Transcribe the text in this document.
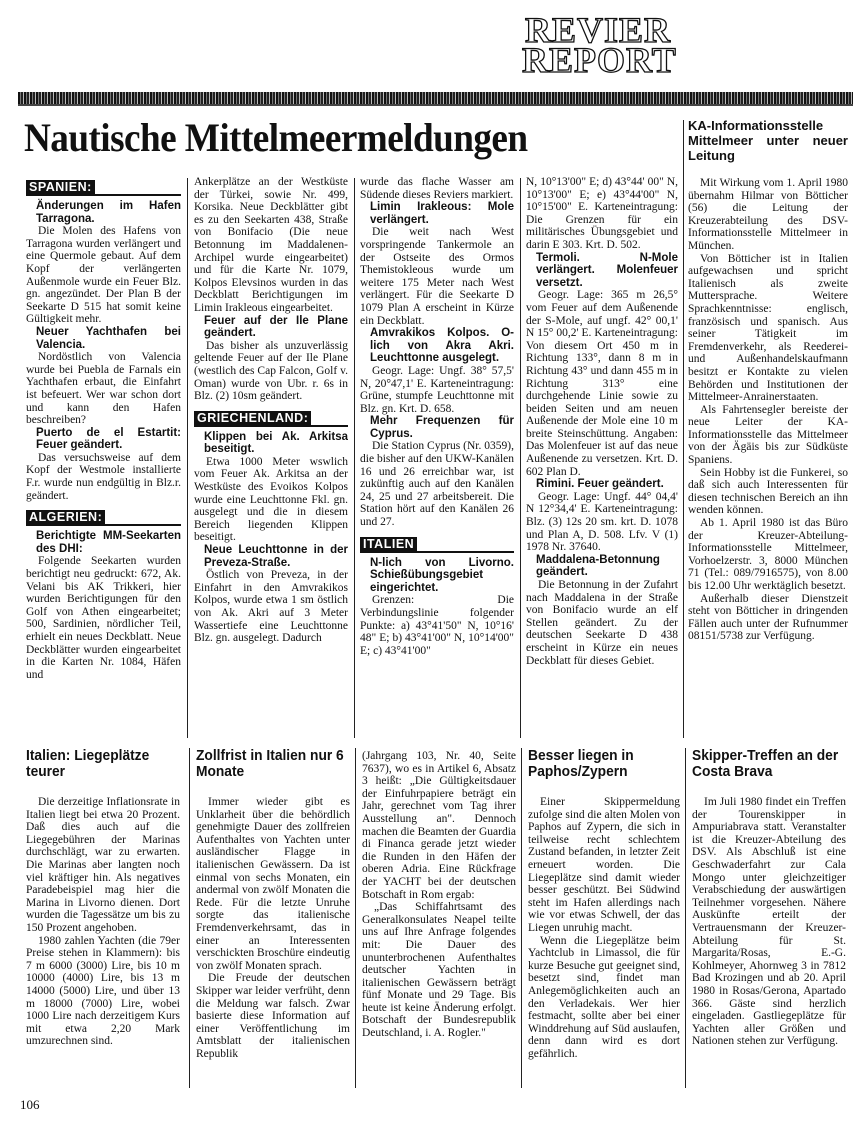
REVIER
REPORT
Nautische Mittelmeermeldungen	KA-Informationsstelle Mittelmeer unter neuer Leitung

Mit Wirkung vom 1. April 1980 übernahm Hilmar von Bötticher (56) die Leitung der Kreuzerabteilung des DSV-Informationsstelle Mittelmeer in München.

Von Bötticher ist in Italien aufgewachsen und spricht Italienisch als zweite Muttersprache. Weitere Sprachkenntnisse: englisch, französisch und spanisch. Aus seiner Tätigkeit im Fremdenverkehr, als Reederei- und Außenhandelskaufmann besitzt er Kontakte zu vielen Behörden und Institutionen der Mittelmeer-Anrainerstaaten.

Als Fahrtensegler bereiste der neue Leiter der KA-Informationsstelle das Mittelmeer von der Ägäis bis zur Südküste Spaniens.

Sein Hobby ist die Funkerei, so daß sich auch Interessenten für diesen technischen Bereich an ihn wenden können.

Ab 1. April 1980 ist das Büro der Kreuzer-Abteilung-Informationsstelle Mittelmeer, Vorhoelzerstr. 3, 8000 München 71 (Tel.: 089/7916575), von 8.00 bis 12.00 Uhr werktäglich besetzt.

Außerhalb dieser Dienstzeit steht von Bötticher in dringenden Fällen auch unter der Rufnummer 08151/5738 zur Verfügung.

SPANIEN:
Änderungen im Hafen Tarragona.

Die Molen des Hafens von Tarragona wurden verlängert und eine Quermole gebaut. Auf dem Kopf der verlängerten Außenmole wurde ein Feuer Blz. gn. angezündet. Der Plan B der Seekarte D 515 hat somit keine Gültigkeit mehr.

Neuer Yachthafen bei Valencia.

Nordöstlich von Valencia wurde bei Puebla de Farnals ein Yachthafen erbaut, die Einfahrt ist befeuert. Wer war schon dort und kann den Hafen beschreiben?

Puerto de el Estartit: Feuer geändert.

Das versuchsweise auf dem Kopf der Westmole installierte F.r. wurde nun endgültig in Blz.r. geändert.

ALGERIEN:
Berichtigte MM-Seekarten des DHI:

Folgende Seekarten wurden berichtigt neu gedruckt: 672, Ak. Velani bis AK Trikkeri, hier wurden Berichtigungen für den Golf von Athen eingearbeitet; 500, Sardinien, nördlicher Teil, erhielt ein neues Deckblatt. Neue Deckblätter wurden eingearbeitet in die Karten Nr. 1084, Häfen und

Ankerplätze an der Westküste der Türkei, sowie Nr. 499, Korsika. Neue Deckblätter gibt es zu den Seekarten 438, Straße von Bonifacio (Die neue Betonnung im Maddalenen-Archipel wurde eingearbeitet) und für die Karte Nr. 1079, Kolpos Elevsinos wurden in das Deckblatt Berichtigungen im Limin Irakleous eingearbeitet.

Feuer auf der Ile Plane geändert.

Das bisher als unzuverlässig geltende Feuer auf der Ile Plane (westlich des Cap Falcon, Golf v. Oman) wurde von Ubr. r. 6s in Blz. (2) 10sm geändert.

GRIECHENLAND:
Klippen bei Ak. Arkitsa beseitigt.

Etwa 1000 Meter wswlich vom Feuer Ak. Arkitsa an der Westküste des Evoikos Kolpos wurde eine Leuchttonne Fkl. gn. ausgelegt und die in diesem Bereich liegenden Klippen beseitigt.

Neue Leuchttonne in der Preveza-Straße.

Östlich von Preveza, in der Einfahrt in den Amvrakikos Kolpos, wurde etwa 1 sm östlich von Ak. Akri auf 3 Meter Wassertiefe eine Leuchttonne Blz. gn. ausgelegt. Dadurch

wurde das flache Wasser am Südende dieses Reviers markiert.

Limin Irakleous: Mole verlängert.

Die weit nach West vorspringende Tankermole an der Ostseite des Ormos Themistokleous wurde um weitere 175 Meter nach West verlängert. Für die Seekarte D 1079 Plan A erscheint in Kürze ein Deckblatt.

Amvrakikos Kolpos. O-lich von Akra Akri. Leuchttonne ausgelegt.

Geogr. Lage: Ungf. 38° 57,5' N, 20°47,1' E. Karteneintragung: Grüne, stumpfe Leuchttonne mit Blz. gn. Krt. D. 658.

Mehr Frequenzen für Cyprus.

Die Station Cyprus (Nr. 0359), die bisher auf den UKW-Kanälen 16 und 26 erreichbar war, ist zukünftig auch auf den Kanälen 24, 25 und 27 arbeitsbereit. Die Station hört auf den Kanälen 26 und 27.

ITALIEN
N-lich von Livorno. Schießübungsgebiet eingerichtet.

Grenzen: Die Verbindungslinie folgender Punkte: a) 43°41'50" N, 10°16' 48" E; b) 43°41'00" N, 10°14'00" E; c) 43°41'00"

N, 10°13'00" E; d) 43°44' 00" N, 10°13'00" E; e) 43°44'00" N, 10°15'00" E. Karteneintragung: Die Grenzen für ein militärisches Übungsgebiet und darin E 303. Krt. D. 502.

Termoli. N-Mole verlängert. Molenfeuer versetzt.

Geogr. Lage: 365 m 26,5° vom Feuer auf dem Außenende der S-Mole, auf ungf. 42° 00,1' N 15° 00,2' E. Karteneintragung: Von diesem Ort 450 m in Richtung 133°, dann 8 m in Richtung 43° und dann 455 m in Richtung 313° eine durchgehende Linie sowie zu beiden Seiten und am neuen Außenende der Mole eine 10 m breite Steinschüttung. Angaben: Das Molenfeuer ist auf das neue Außenende zu versetzen. Krt. D. 602 Plan D.

Rimini. Feuer geändert.

Geogr. Lage: Ungf. 44° 04,4' N 12°34,4' E. Karteneintragung: Blz. (3) 12s 20 sm. krt. D. 1078 und Plan A, D. 508. Lfv. V (1) 1978 Nr. 37640.

Maddalena-Betonnung geändert.

Die Betonnung in der Zufahrt nach Maddalena in der Straße von Bonifacio wurde an elf Stellen geändert. Zu der deutschen Seekarte D 438 erscheint in Kürze ein neues Deckblatt für dieses Gebiet.

Italien: Liegeplätze teurer
Zollfrist in Italien nur 6 Monate
Besser liegen in Paphos/Zypern
Skipper-Treffen an der Costa Brava

Die derzeitige Inflationsrate in Italien liegt bei etwa 20 Prozent. Daß dies auch auf die Liegegebühren der Marinas durchschlägt, war zu erwarten. Die Marinas aber langten noch viel kräftiger hin. Als negatives Paradebeispiel mag hier die Marina in Livorno dienen. Dort wurden die Tagessätze um bis zu 150 Prozent angehoben.

1980 zahlen Yachten (die 79er Preise stehen in Klammern): bis 7 m 6000 (3000) Lire, bis 10 m 10000 (4000) Lire, bis 13 m 14000 (5000) Lire, und über 13 m 18000 (7000) Lire, wobei 1000 Lire nach derzeitigem Kurs mit etwa 2,20 Mark umzurechnen sind.

Immer wieder gibt es Unklarheit über die behördlich genehmigte Dauer des zollfreien Aufenthaltes von Yachten unter ausländischer Flagge in italienischen Gewässern. Da ist einmal von sechs Monaten, ein andermal von zwölf Monaten die Rede. Für die letzte Unruhe sorgte das italienische Fremdenverkehrsamt, das in einer an Interessenten verschickten Broschüre eindeutig von zwölf Monaten sprach.

Die Freude der deutschen Skipper war leider verfrüht, denn die Meldung war falsch. Zwar basierte diese Information auf einer Veröffentlichung im Amtsblatt der italienischen Republik

(Jahrgang 103, Nr. 40, Seite 7637), wo es in Artikel 6, Absatz 3 heißt: „Die Gültigkeitsdauer der Einfuhrpapiere beträgt ein Jahr, gerechnet vom Tag ihrer Ausstellung an". Dennoch machen die Beamten der Guardia di Financa gerade jetzt wieder die Runden in den Häfen der oberen Adria. Eine Rückfrage der YACHT bei der deutschen Botschaft in Rom ergab:

„Das Schiffahrtsamt des Generalkonsulates Neapel teilte uns auf Ihre Anfrage folgendes mit: Die Dauer des ununterbrochenen Aufenthaltes deutscher Yachten in italienischen Gewässern beträgt fünf Monate und 29 Tage. Bis heute ist keine Änderung erfolgt. Botschaft der Bundesrepublik Deutschland, i. A. Rogler."

Einer Skippermeldung zufolge sind die alten Molen von Paphos auf Zypern, die sich in teilweise recht schlechtem Zustand befanden, in letzter Zeit erneuert worden. Die Liegeplätze sind damit wieder besser geschützt. Bei Südwind steht im Hafen allerdings nach wie vor etwas Schwell, der das Liegen unruhig macht.

Wenn die Liegeplätze beim Yachtclub in Limassol, die für kurze Besuche gut geeignet sind, besetzt sind, findet man Anlegemöglichkeiten auch an den Verladekais. Wer hier festmacht, sollte aber bei einer Winddrehung auf Süd auslaufen, denn dann wird es dort gefährlich.

Im Juli 1980 findet ein Treffen der Tourenskipper in Ampuriabrava statt. Veranstalter ist die Kreuzer-Abteilung des DSV. Als Abschluß ist eine Geschwaderfahrt zur Cala Mongo unter gleichzeitiger Verabschiedung der auswärtigen Teilnehmer vorgesehen. Nähere Auskünfte erteilt der Vertrauensmann der Kreuzer-Abteilung für St. Margarita/Rosas, E.-G. Kohlmeyer, Ahornweg 3 in 7812 Bad Krozingen und ab 20. April 1980 in Rosas/Gerona, Apartado 366. Gäste sind herzlich eingeladen. Gastliegeplätze für Yachten aller Größen und Nationen stehen zur Verfügung.

106
